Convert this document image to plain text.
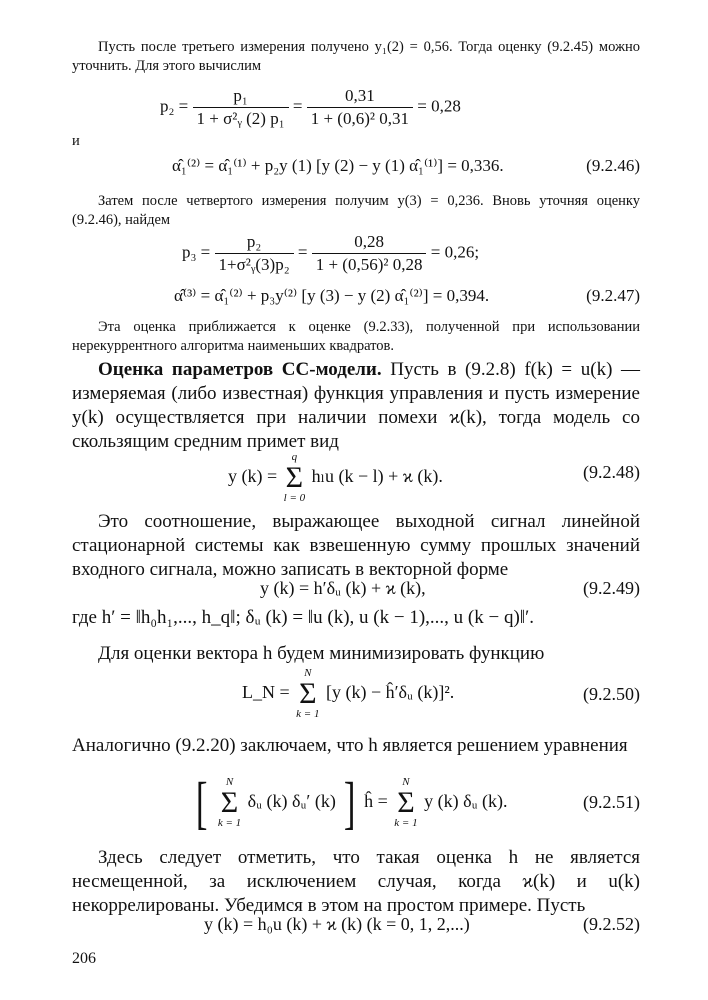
Пусть после третьего измерения получено y₁(2) = 0,56. Тогда оценку (9.2.45) можно уточнить. Для этого вычислим
$p_2 = \frac{\text{p₁}}{\text{1 + σ²ᵧ (2) p₁}} = \frac{0,31}{\text{1 + (0,6)² 0,31}} = 0,28$
и
α̂₁⁽²⁾ = α̂₁⁽¹⁾ + p₂y (1) [y (2) − y (1) α̂₁⁽¹⁾] = 0,336.	(9.2.46)
Затем после четвертого измерения получим y(3) = 0,236. Вновь уточняя оценку (9.2.46), найдем
$p_3 = \frac{\text{p₂}}{\text{1+σ²ᵧ(3)p₂}} = \frac{0,28}{\text{1 + (0,56)² 0,28}} = 0,26$;
α̂⁽³⁾ = α̂₁⁽²⁾ + p₃y⁽²⁾ [y (3) − y (2) α̂₁⁽²⁾] = 0,394.	(9.2.47)
Эта оценка приближается к оценке (9.2.33), полученной при использовании нерекуррентного алгоритма наименьших квадратов.
Оценка параметров СС-модели. Пусть в (9.2.8) f(k) = u(k) — измеряемая (либо известная) функция управления и пусть измерение y(k) осуществляется при наличии помехи ϰ(k), тогда модель со скользящим средним примет вид
y (k) =
q
Σ
l = 0
hₗu (k − l) + ϰ (k).	(9.2.48)
Это соотношение, выражающее выходной сигнал линейной стационарной системы как взвешенную сумму прошлых значений входного сигнала, можно записать в векторной форме
y (k) = h′δᵤ (k) + ϰ (k),	(9.2.49)
где h′ = ‖h₀h₁,..., h_q‖; δᵤ (k) = ‖u (k), u (k − 1),..., u (k − q)‖′.
Для оценки вектора h будем минимизировать функцию
L_N =
N
Σ
k = 1
[y (k) − ĥ′δᵤ (k)]².	(9.2.50)
Аналогично (9.2.20) заключаем, что h является решением уравнения
[	N
Σ
k = 1
δᵤ (k) δᵤ′ (k) ] ĥ =
N
Σ
k = 1
y (k) δᵤ (k).	(9.2.51)
Здесь следует отметить, что такая оценка h не является несмещенной, за исключением случая, когда ϰ(k) и u(k) некоррелированы. Убедимся в этом на простом примере. Пусть
y (k) = h₀u (k) + ϰ (k) (k = 0, 1, 2,...)	(9.2.52)
206
